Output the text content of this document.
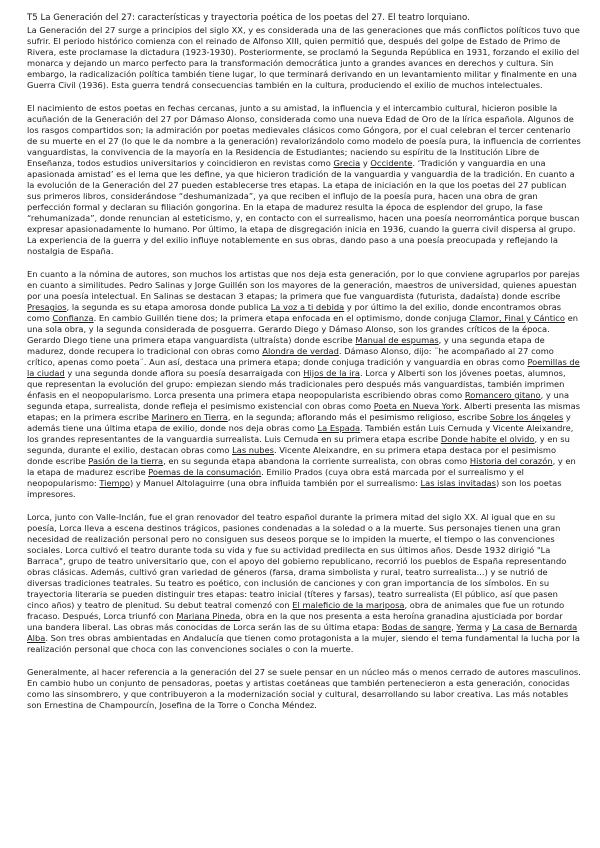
T5 La Generación del 27: características y trayectoria poética de los poetas del 27. El teatro lorquiano.

La Generación del 27 surge a principios del siglo XX, y es considerada una de las generaciones que más conflictos políticos tuvo que sufrir. El periodo histórico comienza con el reinado de Alfonso XIII, quien permitió que, después del golpe de Estado de Primo de Rivera, este proclamase la dictadura (1923-1930). Posteriormente, se proclamó la Segunda República en 1931, forzando el exilio del monarca y dejando un marco perfecto para la transformación democrática junto a grandes avances en derechos y cultura. Sin embargo, la radicalización política también tiene lugar, lo que terminará derivando en un levantamiento militar y finalmente en una Guerra Civil (1936). Esta guerra tendrá consecuencias también en la cultura, produciendo el exilio de muchos intelectuales.

El nacimiento de estos poetas en fechas cercanas, junto a su amistad, la influencia y el intercambio cultural, hicieron posible la acuñación de la Generación del 27 por Dámaso Alonso, considerada como una nueva Edad de Oro de la lírica española. Algunos de los rasgos compartidos son; la admiración por poetas medievales clásicos como Góngora, por el cual celebran el tercer centenario de su muerte en el 27 (lo que le da nombre a la generación) revalorizándolo como modelo de poesía pura, la influencia de corrientes vanguardistas, la convivencia de la mayoría en la Residencia de Estudiantes; naciendo su espíritu de la Institución Libre de Enseñanza, todos estudios universitarios y coincidieron en revistas como Grecia y Occidente. ‘Tradición y vanguardia en una apasionada amistad’ es el lema que les define, ya que hicieron tradición de la vanguardia y vanguardia de la tradición. En cuanto a la evolución de la Generación del 27 pueden establecerse tres etapas. La etapa de iniciación en la que los poetas del 27 publican sus primeros libros, considerándose “deshumanizada”, ya que reciben el influjo de la poesía pura, hacen una obra de gran perfección formal y declaran su filiación gongorina. En la etapa de madurez resulta la época de esplendor del grupo, la fase “rehumanizada”, donde renuncian al esteticismo, y, en contacto con el surrealismo, hacen una poesía neorromántica porque buscan expresar apasionadamente lo humano. Por último, la etapa de disgregación inicia en 1936, cuando la guerra civil dispersa al grupo. La experiencia de la guerra y del exilio influye notablemente en sus obras, dando paso a una poesía preocupada y reflejando la nostalgia de España.

En cuanto a la nómina de autores, son muchos los artistas que nos deja esta generación, por lo que conviene agruparlos por parejas en cuanto a similitudes. Pedro Salinas y Jorge Guillén son los mayores de la generación, maestros de universidad, quienes apuestan por una poesía intelectual. En Salinas se destacan 3 etapas; la primera que fue vanguardista (futurista, dadaísta) donde escribe Presagios, la segunda es su etapa amorosa donde publica La voz a ti debida y por último la del exilio, donde encontramos obras como Confianza. En cambio Guillén tiene dos; la primera etapa enfocada en el optimismo, donde conjuga Clamor, Final y Cántico en una sola obra, y la segunda considerada de posguerra. Gerardo Diego y Dámaso Alonso, son los grandes críticos de la época. Gerardo Diego tiene una primera etapa vanguardista (ultraísta) donde escribe Manual de espumas, y una segunda etapa de madurez, donde recupera lo tradicional con obras como Alondra de verdad. Dámaso Alonso, dijo: ¨he acompañado al 27 como crítico, apenas como poeta¨. Aun así, destaca una primera etapa; donde conjuga tradición y vanguardia en obras como Poemillas de la ciudad y una segunda donde aflora su poesía desarraigada con Hijos de la ira. Lorca y Alberti son los jóvenes poetas, alumnos, que representan la evolución del grupo: empiezan siendo más tradicionales pero después más vanguardistas, también imprimen énfasis en el neopopularismo. Lorca presenta una primera etapa neopopularista escribiendo obras como Romancero gitano, y una segunda etapa, surrealista, donde refleja el pesimismo existencial con obras como Poeta en Nueva York. Alberti presenta las mismas etapas; en la primera escribe Marinero en Tierra, en la segunda; aflorando más el pesimismo religioso, escribe Sobre los ángeles y además tiene una última etapa de exilio, donde nos deja obras como La Espada. También están Luis Cernuda y Vicente Aleixandre, los grandes representantes de la vanguardia surrealista. Luis Cernuda en su primera etapa escribe Donde habite el olvido, y en su segunda, durante el exilio, destacan obras como Las nubes. Vicente Aleixandre, en su primera etapa destaca por el pesimismo donde escribe Pasión de la tierra, en su segunda etapa abandona la corriente surrealista, con obras como Historia del corazón, y en la etapa de madurez escribe Poemas de la consumación. Emilio Prados (cuya obra está marcada por el surrealismo y el neopopularismo: Tiempo) y Manuel Altolaguirre (una obra influida también por el surrealismo: Las islas invitadas) son los poetas impresores.

Lorca, junto con Valle-Inclán, fue el gran renovador del teatro español durante la primera mitad del siglo XX. Al igual que en su poesía, Lorca lleva a escena destinos trágicos, pasiones condenadas a la soledad o a la muerte. Sus personajes tienen una gran necesidad de realización personal pero no consiguen sus deseos porque se lo impiden la muerte, el tiempo o las convenciones sociales. Lorca cultivó el teatro durante toda su vida y fue su actividad predilecta en sus últimos años. Desde 1932 dirigió "La Barraca", grupo de teatro universitario que, con el apoyo del gobierno republicano, recorrió los pueblos de España representando obras clásicas. Además, cultivó gran variedad de géneros (farsa, drama simbolista y rural, teatro surrealista...) y se nutrió de diversas tradiciones teatrales. Su teatro es poético, con inclusión de canciones y con gran importancia de los símbolos. En su trayectoria literaria se pueden distinguir tres etapas: teatro inicial (títeres y farsas), teatro surrealista (El público, así que pasen cinco años) y teatro de plenitud. Su debut teatral comenzó con El maleficio de la mariposa, obra de animales que fue un rotundo fracaso. Después, Lorca triunfó con Mariana Pineda, obra en la que nos presenta a esta heroína granadina ajusticiada por bordar una bandera liberal. Las obras más conocidas de Lorca serán las de su última etapa: Bodas de sangre, Yerma y La casa de Bernarda Alba. Son tres obras ambientadas en Andalucía que tienen como protagonista a la mujer, siendo el tema fundamental la lucha por la realización personal que choca con las convenciones sociales o con la muerte.

Generalmente, al hacer referencia a la generación del 27 se suele pensar en un núcleo más o menos cerrado de autores masculinos. En cambio hubo un conjunto de pensadoras, poetas y artistas coetáneas que también pertenecieron a esta generación, conocidas como las sinsombrero, y que contribuyeron a la modernización social y cultural, desarrollando su labor creativa. Las más notables son Ernestina de Champourcín, Josefina de la Torre o Concha Méndez.
